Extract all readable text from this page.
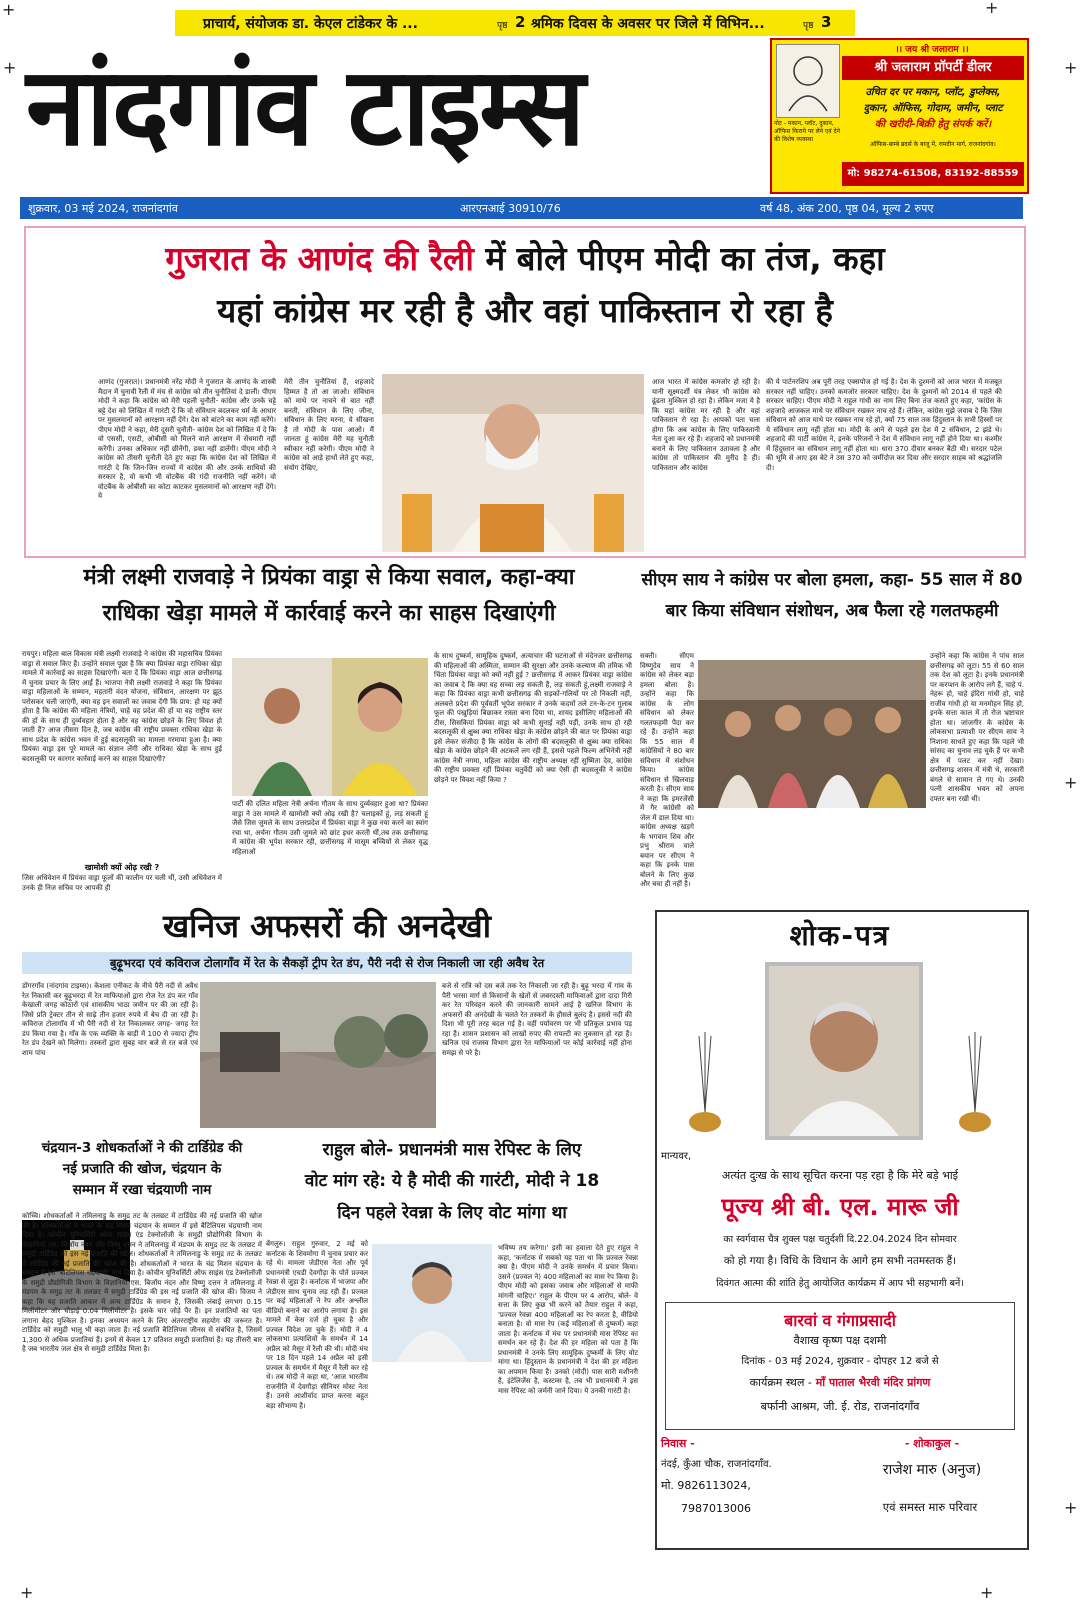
+	+
+	+
+
+	+
+
प्राचार्य, संयोजक डा. केएल टांडेकर के ...	पृष्ठ 2 श्रमिक दिवस के अवसर पर जिले में विभिन...	पृष्ठ 3
नांदगांव टाइम्स	नोट - मकान, प्लॉट, दुकान, ऑफिस किराये पर लेने एवं देने की विशेष व्यवस्था
।। जय श्री जलाराम ।।
श्री जलाराम प्रॉपर्टी डीलर
उचित दर पर मकान, प्लॉट, डुप्लेक्स,
दुकान, ऑफिस, गोदाम, जमीन, प्लाट
की खरीदी-बिक्री हेतु संपर्क करें।
ऑफिस-बाम्बे ब्रदर्स के बाजू में, रामदीन मार्ग, राजनांदगांव।
मो: 98274-61508, 83192-88559
शुक्रवार, 03 मई 2024, राजनांदगांव	आरएनआई 30910/76	वर्ष 48, अंक 200, पृष्ठ 04, मूल्य 2 रुपए
गुजरात के आणंद की रैली में बोले पीएम मोदी का तंज, कहा
यहां कांग्रेस मर रही है और वहां पाकिस्तान रो रहा है
आणंद (गुजरात)। प्रधानमंत्री नरेंद्र मोदी ने गुजरात के आणंद के शास्त्री मैदान में चुनावी रैली में मंच से कांग्रेस को तीन चुनौतियां दे डालीं। पीएम मोदी ने कहा कि कांग्रेस को मेरी पहली चुनौती- कांग्रेस और उनके चट्टे बट्टे देश को लिखित में गारंटी दें कि वो संविधान बदलकर धर्म के आधार पर मुसलमानों को आरक्षण नहीं देंगे। देश को बांटने का काम नहीं करेंगे। पीएम मोदी ने कहा, मेरी दूसरी चुनौती- कांग्रेस देश को लिखित में दे कि वो एससी, एसटी, ओबीसी को मिलने वाले आरक्षण में सेंधमारी नहीं करेंगी। उनका अधिकार नहीं छीनेंगी, डका नहीं डालेंगी। पीएम मोदी ने कांग्रेस को तीसरी चुनौती देते हुए कहा कि कांग्रेस देश को लिखित में गारंटी दे कि जिन-जिन राज्यों में कांग्रेस की और उनके साथियों की सरकार है, वो कभी भी वोटबैंक की गंदी राजनीति नहीं करेंगे। वो वोटबैंक के ओबीसी का कोटा काटकर मुसलमानों को आरक्षण नहीं देंगे। ये
मेरी तीन चुनौतियां हैं, शहजादे हिम्मत है तो आ जाओ। संविधान को माथे पर नाचने से बात नहीं बनती, संविधान के लिए जीना, संविधान के लिए मरना, ये सीखना है तो मोदी के पास आओ। मैं जानता हूं कांग्रेस मेरी यह चुनौती स्वीकार नहीं करेगी। पीएम मोदी ने कांग्रेस को आड़े हाथों लेते हुए कहा, संयोग देखिए,
आज भारत में कांग्रेस कमजोर हो रही है। यानी सूक्ष्मदर्शी यंत्र लेकर भी कांग्रेस को ढूंढना मुश्किल हो रहा है। लेकिन मजा ये है कि यहां कांग्रेस मर रही है और वहां पाकिस्तान रो रहा है। आपको पता चला होगा कि अब कांग्रेस के लिए पाकिस्तानी नेता दुआ कर रहे हैं। शहजादे को प्रधानमंत्री बनाने के लिए पाकिस्तान उतावला है और कांग्रेस तो पाकिस्तान की मुरीद है ही। पाकिस्तान और कांग्रेस
की ये पार्टनरशिप अब पूरी तरह एक्सपोज हो गई है। देश के दुश्मनों को आज भारत में मजबूत सरकार नहीं चाहिए। उनको कमजोर सरकार चाहिए। देश के दुश्मनों को 2014 से पहले की सरकार चाहिए। पीएम मोदी ने राहुल गांधी का नाम लिए बिना तंज कसते हुए कहा, 'कांग्रेस के शहजादे आजकल माथे पर संविधान रखकर नाच रहे हैं। लेकिन, कांग्रेस मुझे जवाब दे कि जिस संविधान को आज माथे पर रखकर नाच रहे हो, क्यों 75 साल तक हिंदुस्तान के सभी हिस्सों पर ये संविधान लागू नहीं होता था। मोदी के आने से पहले इस देश में 2 संविधान, 2 झंडे थे। शहजादे की पार्टी कांग्रेस ने, इनके परिजनों ने देश में संविधान लागू नहीं होने दिया था। कश्मीर में हिंदुस्तान का संविधान लागू नहीं होता था। धारा 370 दीवार बनकर बैठी थी। सरदार पटेल की भूमि से आए इस बेटे ने उस 370 को जमींदोज कर दिया और सरदार साहब को श्रद्धांजलि दी।
मंत्री लक्ष्मी राजवाड़े ने प्रियंका वाड्रा से किया सवाल, कहा-क्या
राधिका खेड़ा मामले में कार्रवाई करने का साहस दिखाएंगी
रायपुर। महिला बाल विकास मंत्री लक्ष्मी राजवाड़े ने कांग्रेस की महासचिव प्रियंका वाड्रा से सवाल किए हैं। उन्होंने सवाल पूछा है कि क्या प्रियंका वाड्रा राधिका खेड़ा मामले में कार्रवाई का साहस दिखाएंगी। बता दें कि प्रियंका वाड्रा आज छत्तीसगढ़ में चुनाव प्रचार के लिए आईं हैं। भाजपा नेत्री लक्ष्मी राजवाड़े ने कहा कि प्रियंका वाड्रा महिलाओं के सम्मान, महतारी वंदन योजना, संविधान, आरक्षण पर झूठ परोसकर चली जाएंगी, क्या वह इन सवालों का जवाब देंगी कि प्राय: हो यह क्यों होता है कि कांग्रेस की महिला नेत्रियों, चाहे वह प्रदेश की हों या वह राष्ट्रीय स्तर की हों के साथ ही दुर्व्यवहार होता है और वह कांग्रेस छोड़ने के लिए विवश हो जाती हैं? आज तीसरा दिन है, जब कांग्रेस की राष्ट्रीय प्रवक्ता राधिका खेड़ा के साथ प्रदेश के कांग्रेस भवन में हुई बदसलूकी का मामला गरमाया हुआ है। क्या प्रियंका वाड्रा इस पूरे मामले का संज्ञान लेंगी और राधिका खेड़ा के साथ हुई बदसलूकी पर कारगर कार्रवाई करने का साहस दिखाएंगी?
खामोशी क्यों ओढ़ रखी ?
जिस अधिवेशन में प्रियंका वाड्रा फूलों की कालीन पर चली थीं, उसी अधिवेशन में उनके ही निज सचिव पर आपकी ही
पार्टी की दलित महिला नेत्री अर्चना गौतम के साथ दुर्व्यवहार हुआ था? प्रियंका वाड्रा ने उस मामले में खामोशी क्यों ओढ़ रखी है? चलाइकों हूं, लड़ सकती हूं जैसे जिस जुमले के साथ उत्तरप्रदेश में प्रियंका वाड्रा ने कुछ नया करने का स्वांग रचा था, अर्चना गौतम उसी जुमले को छांट इधर करती थीं,तब तक छत्तीसगढ़ में कांग्रेस की भूपेश सरकार रही, छत्तीसगढ़ में मासूम बच्चियों से लेकर वृद्ध महिलाओं
के साथ दुष्कर्म, सामूहिक दुष्कर्म, अत्याचार की घटनाओं से मंदेनजर छत्तीसगढ़ की महिलाओं की अस्मिता, सम्मान की सुरक्षा और उनके कल्याण की तमिक भी चिंता प्रियंका वाड्रा को क्यों नहीं हुई ? छत्तीसगढ़ में आकर प्रियंका वाड्रा कांग्रेस का जवाब दे कि क्या वह सच्चा लड़ सकती हैं, लड़ सकती हूं,लक्ष्मी राजवाड़े ने कहा कि प्रियंका वाड्रा कभी छत्तीसगढ़ की सड़कों-गलियों पर तो निकली नहीं, अलबत्ते प्रदेश की पूर्ववर्ती भूपेश सरकार ने उनके कदमों तले टन-के-टन गुलाब फूल की पंखुड़ियां बिछाकर रास्ता बना दिया था, शायद इसीलिए महिलाओं की टीस, सिसकियां प्रियंका वाड्रा को कभी सुनाई नहीं पड़ीं, उनके साथ हो रही बदसलूकी से क्षुब्ध क्या राधिका खेड़ा के कांग्रेस छोड़ने की बात पर प्रियंका वाड्रा इसे लेकर संजीदा हैं कि कांग्रेस के लोगों की बदसलूकी से क्षुब्ध क्या राधिका खेड़ा के कांग्रेस छोड़ने की अटकलें लग रही हैं, इससे पहले फिल्म अभिनेत्री नहीं कांग्रेस नेत्री नगमा, महिला कांग्रेस की राष्ट्रीय अध्यक्ष रहीं सुष्मिता देव, कांग्रेस की राष्ट्रीय प्रवक्ता रहीं प्रियंका चतुर्वेदी को क्या ऐसी ही बदसलूकी ने कांग्रेस छोड़ने पर विवश नहीं किया ?
सीएम साय ने कांग्रेस पर बोला हमला, कहा- 55 साल में 80
बार किया संविधान संशोधन, अब फैला रहे गलतफहमी
सक्ती। सीएम विष्णुदेव साय ने कांग्रेस को लेकर बड़ा हमला बोला है। उन्होंने कहा कि कांग्रेस के लोग संविधान को लेकर गलतफहमी पैदा कर रहे हैं। उन्होंने कहा कि 55 साल में कांग्रेसियों ने 80 बार संविधान में संशोधन किया। कांग्रेस संविधान से खिलवाड़ करती है। सीएम साय ने कहा कि इमरजेंसी में गैर कांग्रेसी को जेल में डाल दिया था। कांग्रेस अध्यक्ष खड़गे के भगवान शिव और प्रभु श्रीराम वाले बयान पर सीएम ने कहा कि इनके पास बोलने के लिए कुछ और बचा ही नहीं है।
उन्होंने कहा कि कांग्रेस ने पांच साल छत्तीसगढ़ को लूटा। 55 से 60 साल तक देश को लूटा है। इनके प्रधानमंत्री पर करप्शन के आरोप लगे हैं, चाहे पं. नेहरू हो, चाहे इंदिरा गांधी हो, चाहे राजीव गांधी हो या मनमोहन सिंह हो, इनके सत्ता काल में तो रोज भ्रष्टाचार होता था। जांजगीर के कांग्रेस के लोकसभा प्रत्याशी पर सीएम साय ने निशाना साधते हुए कहा कि पहले भी सांसद का चुनाव लड़ चुके हैं पर कभी क्षेत्र में पलट कर नहीं देखा। छत्तीसगढ़ शासन में मंत्री थे, सरकारी बंगले से सामान ले गए थे। उनकी पत्नी शासकीय भवन को अपना दफ्तर बना रखी थीं।
खनिज अफसरों की अनदेखी
बुढ़ूभरदा एवं कविराज टोलागाँव में रेत के सैकड़ों ट्रीप रेत डंप, पैरी नदी से रोज निकाली जा रही अवैध रेत
डोंगरगाँव (नांदगांव टाइम्स)। केशला एनीकट के नीचे पैरी नदी से अवैध रेत निकासी कर बुढ़ूभरदा में रेत माफियाओं द्वारा रोज रेत डंप कर गाँव केखाली जगह कोठारों एवं शासकीय भाठा जमीन पर की जा रही है। जिसे प्रति ट्रेक्टर तीन से साढ़े तीन हजार रुपये में बेच दी जा रही है। कविराज टोलागाँव में भी पैरी नदी से रेत निकालकर जगह- जगह रेत डंप किया गया है। गाँव के एक व्यक्ति के बाड़ी में 100 से ज्यादा ट्रीप रेत डंप देखने को मिलेगा। तस्करों द्वारा सुबह चार बजे से रत बजे एवं शाम पांच
बजे से रात्रि को दस बजे तक रेत निकाली जा रही है। बुढ़ू भरदा में गांव के पैरी भरसा मार्ग से किसानों के खेतों से जबरदस्ती माफियाओं द्वारा दादा गिरी कर रेत परिवहन करने की जानकारी सामने आई है खनिज विभाग के अफसरों की अनदेखी के चलते रेत तस्करों के हौसले बुलंद है। इससे नदी की दिशा भी पूरी तरह बदल गई है। वहीं पर्यावरण पर भी प्रतिकूल प्रभाव पड़ रहा है। शासन प्रशासन को लाखों रुपए की रायल्टी का नुकसान हो रहा है। खनिज एवं राजस्व विभाग द्वारा रेत माफियाओं पर कोई कार्रवाई नहीं होना समझ से परे है।
चंद्रयान-3 शोधकर्ताओं ने की टार्डिग्रेड की
नई प्रजाति की खोज, चंद्रयान के
सम्मान में रखा चंद्रयाणी नाम
कोच्चि। शोधकर्ताओं ने तमिलनाडु के समुद्र तट के तलछट में टार्डिग्रेड की नई प्रजाति की खोज की है। शोधकर्ताओं ने भारत के चंद्र मिशन चंद्रयान के सम्मान में इसे बैटिलिपस चंद्रयाणी नाम दिया है। कोचीन यूनिवर्सिटी ऑफ साइंस एंड टेक्नोलॉजी के समुद्री प्रौद्योगिकी विभाग के विज्ञानियों एस. बिजॉय नंदन और विष्णु दत्तन ने तमिलनाडु में मंडपम के समुद्र तट के तलछट में समुद्री टार्डिग्रेड की इस नई प्रजाति की खोज। शोधकर्ताओं ने तमिलनाडु के समुद्र तट के तलछट में टार्डिग्रेड की नई प्रजाति की खोज की है। शोधकर्ताओं ने भारत के चंद्र मिशन चंद्रयान के सम्मान में इसे 'बैटिलिपस चंद्रयाणी' नाम दिया है। कोचीन यूनिवर्सिटी ऑफ साइंस एंड टेक्नोलॉजी के समुद्री प्रौद्योगिकी विभाग के विज्ञानियों एस. बिजॉय नंदन और विष्णु दत्तन ने तमिलनाडु में मंडपम के समुद्र तट के तलछट में समुद्री टार्डिग्रेड की इस नई प्रजाति की खोज की। विजय ने कहा कि यह प्रजाति आकार में अन्य टार्डिग्रेड के समान है, जिसकी लंबाई लगभग 0.15 मिलीमीटर और चौड़ाई 0.04 मिलीमीटर है। इसके चार जोड़े पैर हैं। इन प्रजातियों का पता लगाना बेहद मुश्किल है। इनका अध्ययन करने के लिए अंतरराष्ट्रीय सहयोग की जरूरत है। टार्डिग्रेड को समुद्री भालू भी कहा जाता है। नई प्रजाति बैटिलिपस जीनस से संबंधित है, जिसमें 1,300 से अधिक प्रजातियां हैं। इनमें से केवल 17 प्रतिशत समुद्री प्रजातियां हैं। यह तीसरी बार है जब भारतीय जल क्षेत्र से समुद्री टार्डिग्रेड मिला है।
राहुल बोले- प्रधानमंत्री मास रेपिस्ट के लिए
वोट मांग रहे: ये है मोदी की गारंटी, मोदी ने 18
दिन पहले रेवन्ना के लिए वोट मांगा था
बेंगलुरु। राहुल गुरुवार, 2 मई को कर्नाटक के शिवमोगा में चुनाव प्रचार कर रहे थे। मामला जेडीएस नेता और पूर्व प्रधानमंत्री एचडी देवगौड़ा के पोते प्रज्वल रेवन्ना से जुड़ा है। कर्नाटक में भाजपा और जेडीएस साथ चुनाव लड़ रही हैं। प्रज्वल पर कई महिलाओं ने रेप और अश्लील वीडियो बनाने का आरोप लगाया है। इस मामले में केस दर्ज हो चुका है और प्रज्वल विदेश जा चुके हैं। मोदी ने 4 लोकसभा प्रत्याशियों के समर्थन में 14 अप्रैल को मैसूर में रैली की थी। मोदी मंच पर 18 दिन पहले 14 अप्रैल को इसी प्रज्वल के समर्थन में मैसूर में रैली कर रहे थे। तब मोदी ने कहा था, 'आज भारतीय राजनीति में देवगौड़ा सीनियर मोस्ट नेता हैं। उनसे आशीर्वाद प्राप्त करना बहुत बड़ा सौभाग्य है।
भविष्य तय करेगा।' इसी का हवाला देते हुए राहुल ने कहा, 'कर्नाटक में सबको यह पता था कि प्रज्वल रेवन्ना क्या है। पीएम मोदी ने उनके समर्थन में प्रचार किया। उसने (प्रज्वल ने) 400 महिलाओं का मास रेप किया है। पीएम मोदी को इसका जवाब और महिलाओं से माफी मांगनी चाहिए।' राहुल के पीएम पर 4 आरोप, बोले- वे सत्ता के लिए कुछ भी करने को तैयार राहुल ने कहा, 'प्रज्वल रेवन्ना 400 महिलाओं का रेप करता है, वीडियो बनाता है। वो मास रेप (कई महिलाओं से दुष्कर्म) कहा जाता है। कर्नाटक में मंच पर प्रधानमंत्री मास रेपिस्ट का समर्थन कर रहे हैं। देश की हर महिला को पता है कि प्रधानमंत्री ने उनके लिए सामूहिक दुष्कर्मी के लिए वोट मांगा था। हिंदुस्तान के प्रधानमंत्री ने देश की हर महिला का अपमान किया है। उनको (मोदी) पास सारी मशीनरी है, इंटेलिजेंस है, कस्टम्स है, तब भी प्रधानमंत्री ने इस मास रेपिस्ट को जर्मनी जाने दिया। ये उनकी गारंटी है।
शोक-पत्र
मान्यवर,
अत्यंत दुःख के साथ सूचित करना पड़ रहा है कि मेरे बड़े भाई
पूज्य श्री बी. एल. मारू जी
का स्वर्गवास चैत्र शुक्ल पक्ष चतुर्दशी दि.22.04.2024 दिन सोमवार
को हो गया है। विधि के विधान के आगे हम सभी नतमस्तक हैं।
दिवंगत आत्मा की शांति हेतु आयोजित कार्यक्रम में आप भी सहभागी बनें।
बारवां व गंगाप्रसादी
वैशाख कृष्ण पक्ष दशमी
दिनांक - 03 मई 2024, शुक्रवार - दोपहर 12 बजे से
कार्यक्रम स्थल - माँ पाताल भैरवी मंदिर प्रांगण
बर्फानी आश्रम, जी. ई. रोड, राजनांदगाँव
निवास -
नंदई, कुँआ चौक, राजनांदगाँव.
मो. 9826113024,
7987013006
- शोकाकुल -
राजेश मारु (अनुज)
एवं समस्त मारु परिवार
